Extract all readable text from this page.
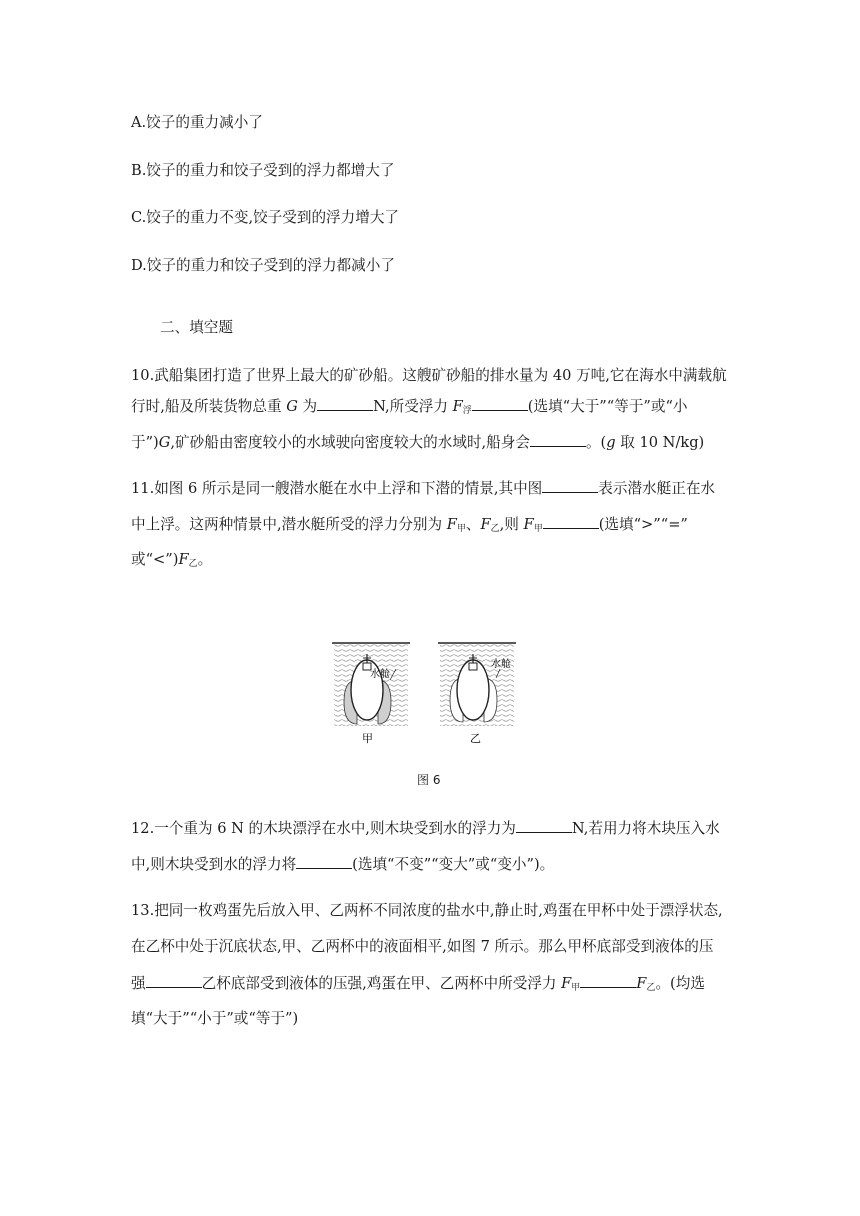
A.饺子的重力减小了
B.饺子的重力和饺子受到的浮力都增大了
C.饺子的重力不变,饺子受到的浮力增大了
D.饺子的重力和饺子受到的浮力都减小了
二、填空题
10.武船集团打造了世界上最大的矿砂船。这艘矿砂船的排水量为 40 万吨,它在海水中满载航
行时,船及所装货物总重 G 为	N,所受浮力 $F_浮$	(选填“大于”“等于”或“小
于”)G,矿砂船由密度较小的水域驶向密度较大的水域时,船身会	。(g 取 10 N/kg)
11.如图 6 所示是同一艘潜水艇在水中上浮和下潜的情景,其中图	表示潜水艇正在水
中上浮。这两种情景中,潜水艇所受的浮力分别为 $F_甲$、$F_乙$,则 $F_甲$	(选填“>”“=”
或“$<”)F_乙$。
水舱
甲
水舱
乙
图 6
12.一个重为 6 N 的木块漂浮在水中,则木块受到水的浮力为	N,若用力将木块压入水
中,则木块受到水的浮力将	(选填“不变”“变大”或“变小”)。
13.把同一枚鸡蛋先后放入甲、乙两杯不同浓度的盐水中,静止时,鸡蛋在甲杯中处于漂浮状态,
在乙杯中处于沉底状态,甲、乙两杯中的液面相平,如图 7 所示。那么甲杯底部受到液体的压
强	乙杯底部受到液体的压强,鸡蛋在甲、乙两杯中所受浮力 $F_甲$	$F_乙$。(均选
填“大于”“小于”或“等于”)
